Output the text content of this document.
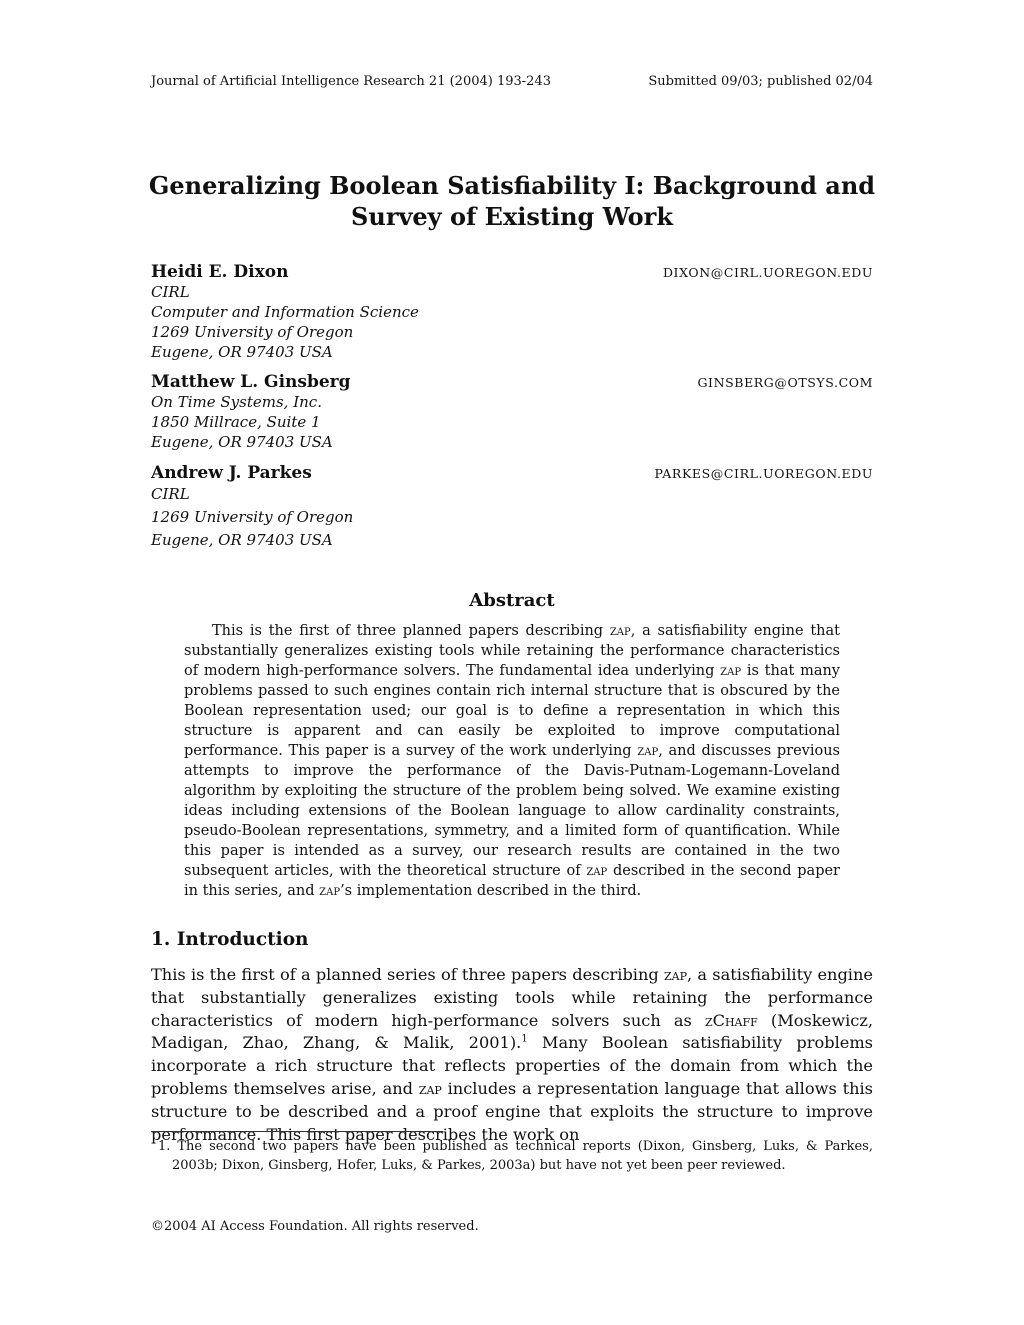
Journal of Artificial Intelligence Research 21 (2004) 193-243	Submitted 09/03; published 02/04
Generalizing Boolean Satisfiability I: Background and
Survey of Existing Work
Heidi E. Dixon	DIXON@CIRL.UOREGON.EDU
CIRL
Computer and Information Science
1269 University of Oregon
Eugene, OR 97403 USA
Matthew L. Ginsberg	GINSBERG@OTSYS.COM
On Time Systems, Inc.
1850 Millrace, Suite 1
Eugene, OR 97403 USA
Andrew J. Parkes	PARKES@CIRL.UOREGON.EDU
CIRL
1269 University of Oregon
Eugene, OR 97403 USA
Abstract
This is the first of three planned papers describing zap, a satisfiability engine that substantially generalizes existing tools while retaining the performance characteristics of modern high-performance solvers. The fundamental idea underlying zap is that many problems passed to such engines contain rich internal structure that is obscured by the Boolean representation used; our goal is to define a representation in which this structure is apparent and can easily be exploited to improve computational performance. This paper is a survey of the work underlying zap, and discusses previous attempts to improve the performance of the Davis-Putnam-Logemann-Loveland algorithm by exploiting the structure of the problem being solved. We examine existing ideas including extensions of the Boolean language to allow cardinality constraints, pseudo-Boolean representations, symmetry, and a limited form of quantification. While this paper is intended as a survey, our research results are contained in the two subsequent articles, with the theoretical structure of zap described in the second paper in this series, and zap’s implementation described in the third.
1. Introduction
This is the first of a planned series of three papers describing zap, a satisfiability engine that substantially generalizes existing tools while retaining the performance characteristics of modern high-performance solvers such as zChaff (Moskewicz, Madigan, Zhao, Zhang, & Malik, 2001).$^1$ Many Boolean satisfiability problems incorporate a rich structure that reflects properties of the domain from which the problems themselves arise, and zap includes a representation language that allows this structure to be described and a proof engine that exploits the structure to improve performance. This first paper describes the work on
1. The second two papers have been published as technical reports (Dixon, Ginsberg, Luks, & Parkes, 2003b; Dixon, Ginsberg, Hofer, Luks, & Parkes, 2003a) but have not yet been peer reviewed.
©2004 AI Access Foundation. All rights reserved.
